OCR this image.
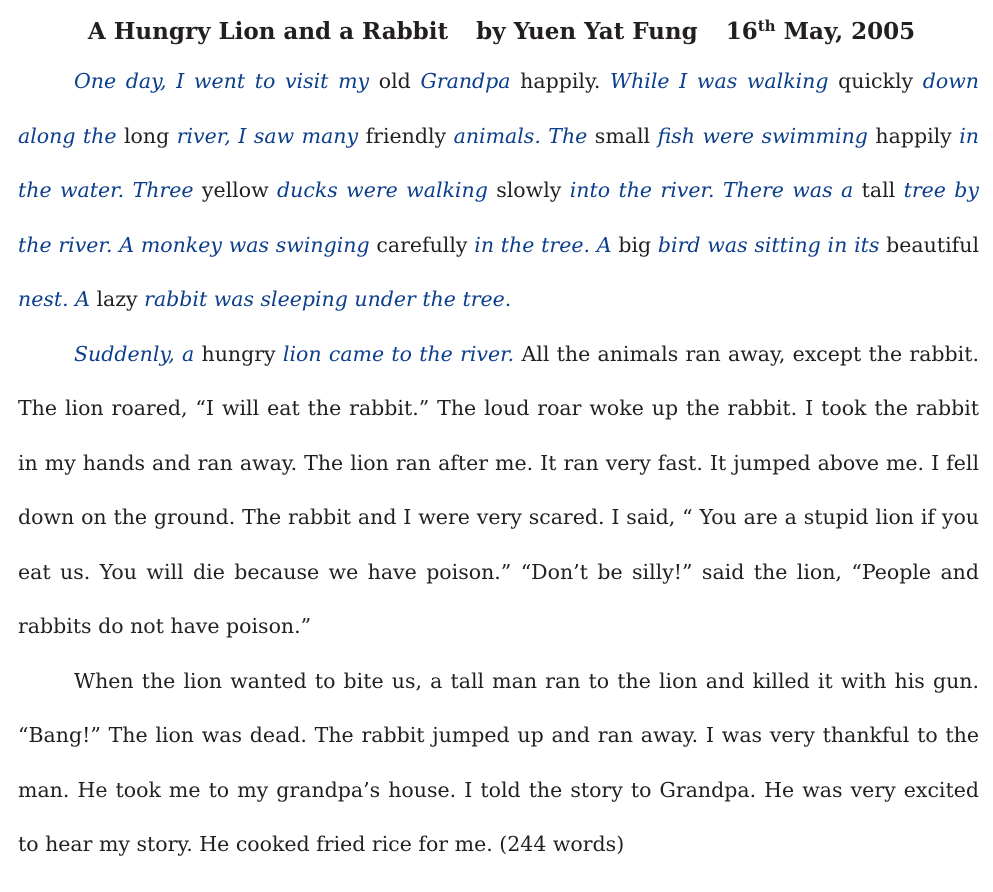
A Hungry Lion and a Rabbit by Yuen Yat Fung 16th May, 2005

One day, I went to visit my old Grandpa happily. While I was walking quickly down along the long river, I saw many friendly animals. The small fish were swimming happily in the water. Three yellow ducks were walking slowly into the river. There was a tall tree by the river. A monkey was swinging carefully in the tree. A big bird was sitting in its beautiful nest. A lazy rabbit was sleeping under the tree.

Suddenly, a hungry lion came to the river. All the animals ran away, except the rabbit. The lion roared, “I will eat the rabbit.” The loud roar woke up the rabbit. I took the rabbit in my hands and ran away. The lion ran after me. It ran very fast. It jumped above me. I fell down on the ground. The rabbit and I were very scared. I said, “ You are a stupid lion if you eat us. You will die because we have poison.” “Don’t be silly!” said the lion, “People and rabbits do not have poison.”

When the lion wanted to bite us, a tall man ran to the lion and killed it with his gun. “Bang!” The lion was dead. The rabbit jumped up and ran away. I was very thankful to the man. He took me to my grandpa’s house. I told the story to Grandpa. He was very excited to hear my story. He cooked fried rice for me. (244 words)
